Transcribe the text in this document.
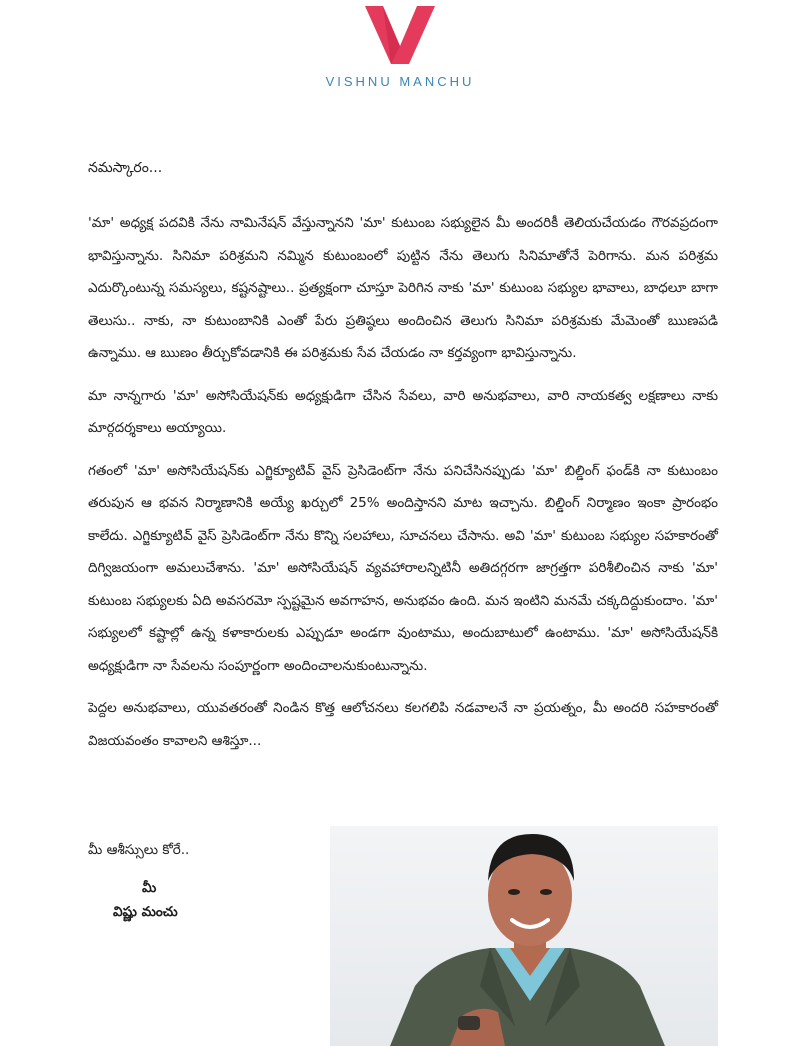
VISHNU MANCHU

నమస్కారం...

'మా' అధ్యక్ష పదవికి నేను నామినేషన్ వేస్తున్నానని 'మా' కుటుంబ సభ్యులైన మీ అందరికీ తెలియచేయడం గౌరవప్రదంగా భావిస్తున్నాను. సినిమా పరిశ్రమని నమ్మిన కుటుంబంలో పుట్టిన నేను తెలుగు సినిమాతోనే పెరిగాను. మన పరిశ్రమ ఎదుర్కొంటున్న సమస్యలు, కష్టనష్టాలు.. ప్రత్యక్షంగా చూస్తూ పెరిగిన నాకు 'మా' కుటుంబ సభ్యుల భావాలు, బాధలూ బాగా తెలుసు.. నాకు, నా కుటుంబానికి ఎంతో పేరు ప్రతిష్ఠలు అందించిన తెలుగు సినిమా పరిశ్రమకు మేమెంతో ఋణపడి ఉన్నాము. ఆ ఋణం తీర్చుకోవడానికి ఈ పరిశ్రమకు సేవ చేయడం నా కర్తవ్యంగా భావిస్తున్నాను.

మా నాన్నగారు 'మా' అసోసియేషన్‌కు అధ్యక్షుడిగా చేసిన సేవలు, వారి అనుభవాలు, వారి నాయకత్వ లక్షణాలు నాకు మార్గదర్శకాలు అయ్యాయి.

గతంలో 'మా' అసోసియేషన్‌కు ఎగ్జిక్యూటివ్ వైస్ ప్రెసిడెంట్‌గా నేను పనిచేసినప్పుడు 'మా' బిల్డింగ్ ఫండ్‌కి నా కుటుంబం తరుపున ఆ భవన నిర్మాణానికి అయ్యే ఖర్చులో 25% అందిస్తానని మాట ఇచ్చాను. బిల్డింగ్ నిర్మాణం ఇంకా ప్రారంభం కాలేదు. ఎగ్జిక్యూటివ్ వైస్ ప్రెసిడెంట్‌గా నేను కొన్ని సలహాలు, సూచనలు చేసాను. అవి 'మా' కుటుంబ సభ్యుల సహకారంతో దిగ్విజయంగా అమలుచేశాను. 'మా' అసోసియేషన్ వ్యవహారాలన్నిటినీ అతిదగ్గరగా జాగ్రత్తగా పరిశీలించిన నాకు 'మా' కుటుంబ సభ్యులకు ఏది అవసరమో స్పష్టమైన అవగాహన, అనుభవం ఉంది. మన ఇంటిని మనమే చక్కదిద్దుకుందాం. 'మా' సభ్యులలో కష్టాల్లో ఉన్న కళాకారులకు ఎప్పుడూ అండగా వుంటాము, అందుబాటులో ఉంటాము. 'మా' అసోసియేషన్‌కి అధ్యక్షుడిగా నా సేవలను సంపూర్ణంగా అందించాలనుకుంటున్నాను.

పెద్దల అనుభవాలు, యువతరంతో నిండిన కొత్త ఆలోచనలు కలగలిపి నడవాలనే నా ప్రయత్నం, మీ అందరి సహకారంతో విజయవంతం కావాలని ఆశిస్తూ...

మీ ఆశీస్సులు కోరే..
మీ
విష్ణు మంచు
